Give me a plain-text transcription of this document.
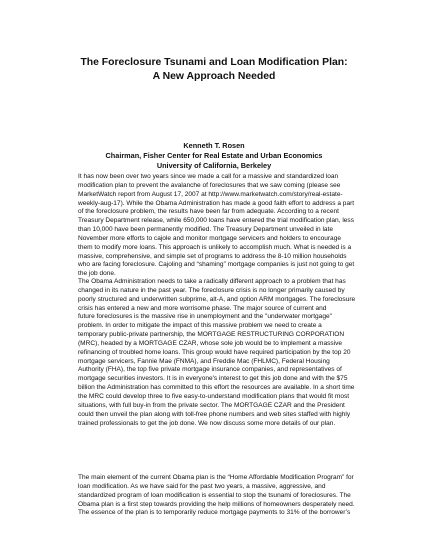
The Foreclosure Tsunami and Loan Modification Plan:
A New Approach Needed
Kenneth T. Rosen
Chairman, Fisher Center for Real Estate and Urban Economics
University of California, Berkeley
It has now been over two years since we made a call for a massive and standardized loan
modification plan to prevent the avalanche of foreclosures that we saw coming (please see
MarketWatch report from August 17, 2007 at http://www.marketwatch.com/story/real-estate-
weekly-aug-17). While the Obama Administration has made a good faith effort to address a part
of the foreclosure problem, the results have been far from adequate. According to a recent
Treasury Department release, while 650,000 loans have entered the trial modification plan, less
than 10,000 have been permanently modified. The Treasury Department unveiled in late
November more efforts to cajole and monitor mortgage servicers and holders to encourage
them to modify more loans. This approach is unlikely to accomplish much. What is needed is a
massive, comprehensive, and simple set of programs to address the 8-10 million households
who are facing foreclosure. Cajoling and “shaming” mortgage companies is just not going to get
the job done.
The Obama Administration needs to take a radically different approach to a problem that has
changed in its nature in the past year. The foreclosure crisis is no longer primarily caused by
poorly structured and underwritten subprime, alt-A, and option ARM mortgages. The foreclosure
crisis has entered a new and more worrisome phase. The major source of current and
future foreclosures is the massive rise in unemployment and the "underwater mortgage"
problem. In order to mitigate the impact of this massive problem we need to create a
temporary public-private partnership, the MORTGAGE RESTRUCTURING CORPORATION
(MRC), headed by a MORTGAGE CZAR, whose sole job would be to implement a massive
refinancing of troubled home loans. This group would have required participation by the top 20
mortgage servicers, Fannie Mae (FNMA), and Freddie Mac (FHLMC), Federal Housing
Authority (FHA), the top five private mortgage insurance companies, and representatives of
mortgage securities investors. It is in everyone's interest to get this job done and with the $75
billion the Administration has committed to this effort the resources are available. In a short time
the MRC could develop three to five easy-to-understand modification plans that would fit most
situations, with full buy-in from the private sector. The MORTGAGE CZAR and the President
could then unveil the plan along with toll-free phone numbers and web sites staffed with highly
trained professionals to get the job done. We now discuss some more details of our plan.
The main element of the current Obama plan is the “Home Affordable Modification Program” for
loan modification. As we have said for the past two years, a massive, aggressive, and
standardized program of loan modification is essential to stop the tsunami of foreclosures. The
Obama plan is a first step towards providing the help millions of homeowners desperately need.
The essence of the plan is to temporarily reduce mortgage payments to 31% of the borrower’s
